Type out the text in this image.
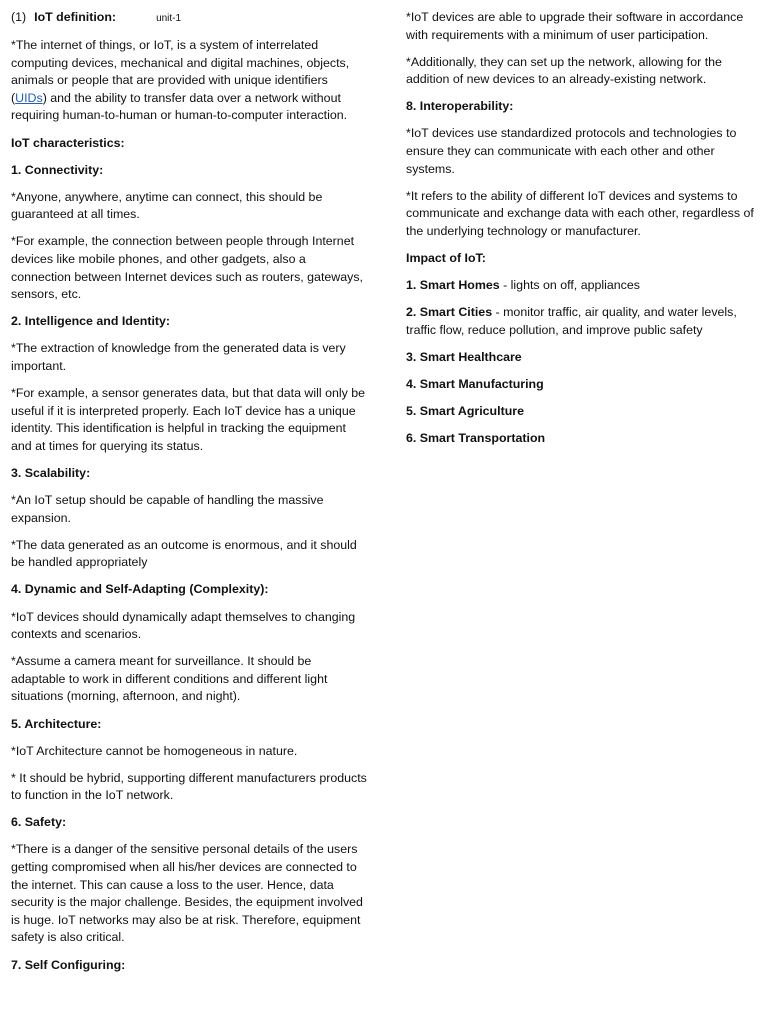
(1) IoT definition:	unit-1

*The internet of things, or IoT, is a system of interrelated computing devices, mechanical and digital machines, objects, animals or people that are provided with unique identifiers (UIDs) and the ability to transfer data over a network without requiring human-to-human or human-to-computer interaction.

IoT characteristics:

1. Connectivity:

*Anyone, anywhere, anytime can connect, this should be guaranteed at all times.

*For example, the connection between people through Internet devices like mobile phones, and other gadgets, also a connection between Internet devices such as routers, gateways, sensors, etc.

2. Intelligence and Identity:

*The extraction of knowledge from the generated data is very important.

*For example, a sensor generates data, but that data will only be useful if it is interpreted properly. Each IoT device has a unique identity. This identification is helpful in tracking the equipment and at times for querying its status.

3. Scalability:

*An IoT setup should be capable of handling the massive expansion.

*The data generated as an outcome is enormous, and it should be handled appropriately

4. Dynamic and Self-Adapting (Complexity):

*IoT devices should dynamically adapt themselves to changing contexts and scenarios.

*Assume a camera meant for surveillance. It should be adaptable to work in different conditions and different light situations (morning, afternoon, and night).

5. Architecture:

*IoT Architecture cannot be homogeneous in nature.

* It should be hybrid, supporting different manufacturers products to function in the IoT network.

6. Safety:

*There is a danger of the sensitive personal details of the users getting compromised when all his/her devices are connected to the internet. This can cause a loss to the user. Hence, data security is the major challenge. Besides, the equipment involved is huge. IoT networks may also be at risk. Therefore, equipment safety is also critical.

7. Self Configuring:

*IoT devices are able to upgrade their software in accordance with requirements with a minimum of user participation.

*Additionally, they can set up the network, allowing for the addition of new devices to an already-existing network.

8. Interoperability:

*IoT devices use standardized protocols and technologies to ensure they can communicate with each other and other systems.

*It refers to the ability of different IoT devices and systems to communicate and exchange data with each other, regardless of the underlying technology or manufacturer.

Impact of IoT:

1. Smart Homes - lights on off, appliances

2. Smart Cities - monitor traffic, air quality, and water levels, traffic flow, reduce pollution, and improve public safety

3. Smart Healthcare

4. Smart Manufacturing

5. Smart Agriculture

6. Smart Transportation
